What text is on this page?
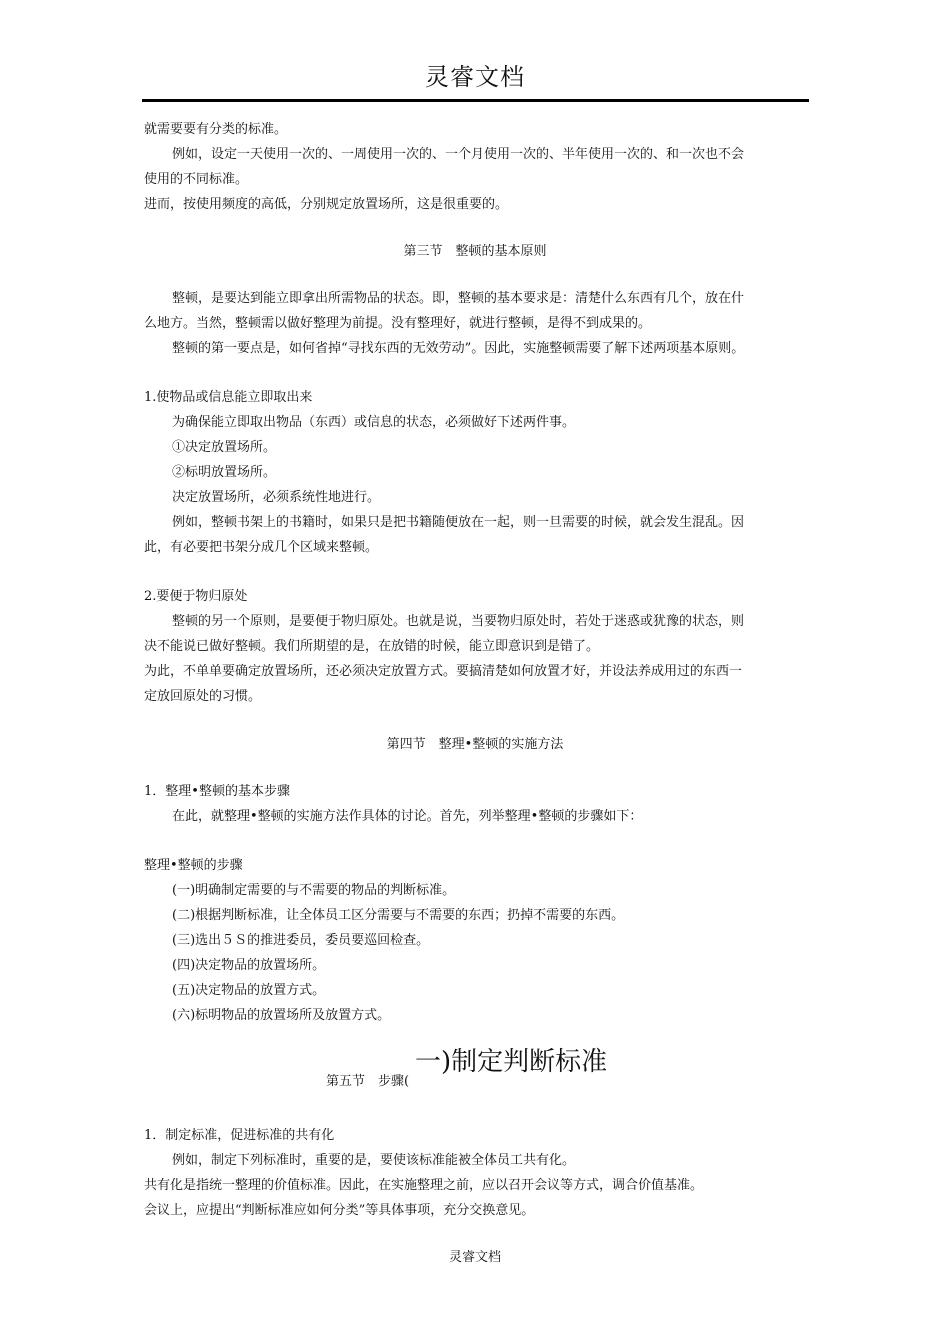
灵睿文档
就需要要有分类的标准。
例如，设定一天使用一次的、一周使用一次的、一个月使用一次的、半年使用一次的、和一次也不会
使用的不同标准。
进而，按使用频度的高低，分别规定放置场所，这是很重要的。
第三节　整顿的基本原则
整顿，是要达到能立即拿出所需物品的状态。即，整顿的基本要求是：清楚什么东西有几个，放在什
么地方。当然，整顿需以做好整理为前提。没有整理好，就进行整顿，是得不到成果的。
整顿的第一要点是，如何省掉“寻找东西的无效劳动”。因此，实施整顿需要了解下述两项基本原则。
1.使物品或信息能立即取出来
为确保能立即取出物品（东西）或信息的状态，必须做好下述两件事。
①决定放置场所。
②标明放置场所。
决定放置场所，必须系统性地进行。
例如，整顿书架上的书籍时，如果只是把书籍随便放在一起，则一旦需要的时候，就会发生混乱。因
此，有必要把书架分成几个区域来整顿。
2.要便于物归原处
整顿的另一个原则，是要便于物归原处。也就是说，当要物归原处时，若处于迷惑或犹豫的状态，则
决不能说已做好整顿。我们所期望的是，在放错的时候，能立即意识到是错了。
为此，不单单要确定放置场所，还必须决定放置方式。要搞清楚如何放置才好，并设法养成用过的东西一
定放回原处的习惯。
第四节　整理•整顿的实施方法
1．整理•整顿的基本步骤
在此，就整理•整顿的实施方法作具体的讨论。首先，列举整理•整顿的步骤如下：
整理•整顿的步骤
(一)明确制定需要的与不需要的物品的判断标准。
(二)根据判断标准，让全体员工区分需要与不需要的东西；扔掉不需要的东西。
(三)选出５Ｓ的推进委员，委员要巡回检查。
(四)决定物品的放置场所。
(五)决定物品的放置方式。
(六)标明物品的放置场所及放置方式。
第五节　步骤(
一)制定判断标准
1．制定标准，促进标准的共有化
例如，制定下列标准时，重要的是，要使该标准能被全体员工共有化。
共有化是指统一整理的价值标准。因此，在实施整理之前，应以召开会议等方式，调合价值基准。
会议上，应提出“判断标准应如何分类”等具体事项，充分交换意见。
灵睿文档
